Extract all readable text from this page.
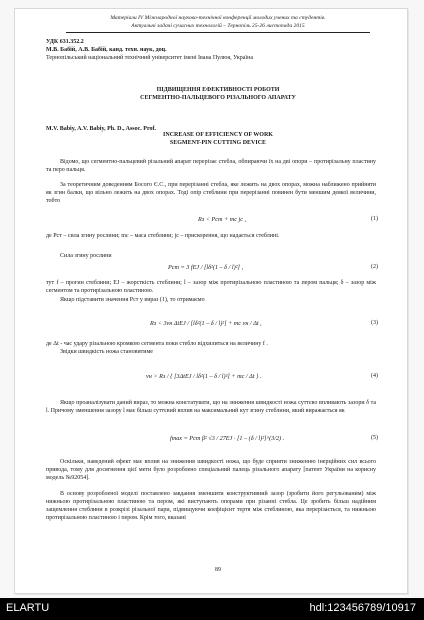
Матеріали IV Міжнародної науково-технічної конференції молодих учених та студентів.
Актуальні задачі сучасних технологій – Тернопіль 25-26 листопада 2015
УДК 631.352.2
М.В. Бабій, А.В. Бабій, канд. техн. наук, доц.
Тернопільський національний технічний університет імені Івана Пулюя, Україна
ПІДВИЩЕННЯ ЕФЕКТИВНОСТІ РОБОТИ
СЕГМЕНТНО-ПАЛЬЦЕВОГО РІЗАЛЬНОГО АПАРАТУ
M.V. Babiy, A.V. Babiy, Ph. D., Assoc. Prof.
INCREASE OF EFFICIENCY OF WORK
SEGMENT-PIN CUTTING DEVICE
Відомо, що сегментно-пальцевий різальний апарат перерізає стебла, обпираючи їх на дві опори – протирізальну пластину та перо пальця.
За теоретичним доведенням Босого Є.С., при перерізанні стебла, яке лежить на двох опорах, можна наближено прийняти як згин балки, що вільно лежить на двох опорах. Тоді опір стеблини при перерізанні повинен бути меншим деякої величини, тобто
Rз < Pcт + mc jc ,	(1)
де Pcт – сила згину рослини; mc – маса стеблини; jc – прискорення, що надається стеблині.
Сила згину рослини
Pcт = 3 fEJ / [lδ²(1 – δ / l)²] ,	(2)
тут f – прогин стеблини; EJ – жорсткість стеблини; l – зазор між протирізальною пластиною та пером пальця; δ – зазор між сегментом та протирізальною пластиною.
Якщо підставити значення Pcт у вираз (1), то отримаємо
Rз < 3vн ΔtEJ / [lδ²(1 – δ / l)²] + mc vн / Δt ,	(3)
де Δt - час удару різальною кромкою сегмента поки стебло відхилиться на величину f .
Звідки швидкість ножа становитиме
vн > Rз / { [3ΔtEJ / lδ²(1 – δ / l)²] + mc / Δt } .	(4)
Якщо проаналізувати даний вираз, то можна констатувати, що на зниження швидкості ножа суттєво впливають зазори δ та l. Причому зменшення зазору l має більш суттєвий вплив на максимальний кут згину стеблини, який виражається як
fmax = Pcт β² √3 / 27EJ · [1 – (δ / l)²]^(3/2) .	(5)
Оскільки, наведений ефект має вплив на зниження швидкості ножа, що буде сприяти зниженню інерційних сил всього привода, тому для досягнення цієї мети було розроблено спеціальний палець різального апарату [патент України на корисну модель №92054].
В основу розробленої моделі поставлено завдання зменшити конструктивний зазор (зробити його регульованим) між нижньою протирізальною пластиною та пером, які виступають опорами при різанні стебла. Це зробить більш надійним защемлення стеблини в розкрізі різальної пари, підвищуючи коефіцієнт тертя між стеблиною, яка перерізається, та нижньою протирізальною пластиною і пером. Крім того, вказані
89
ELARTU	hdl:123456789/10917
